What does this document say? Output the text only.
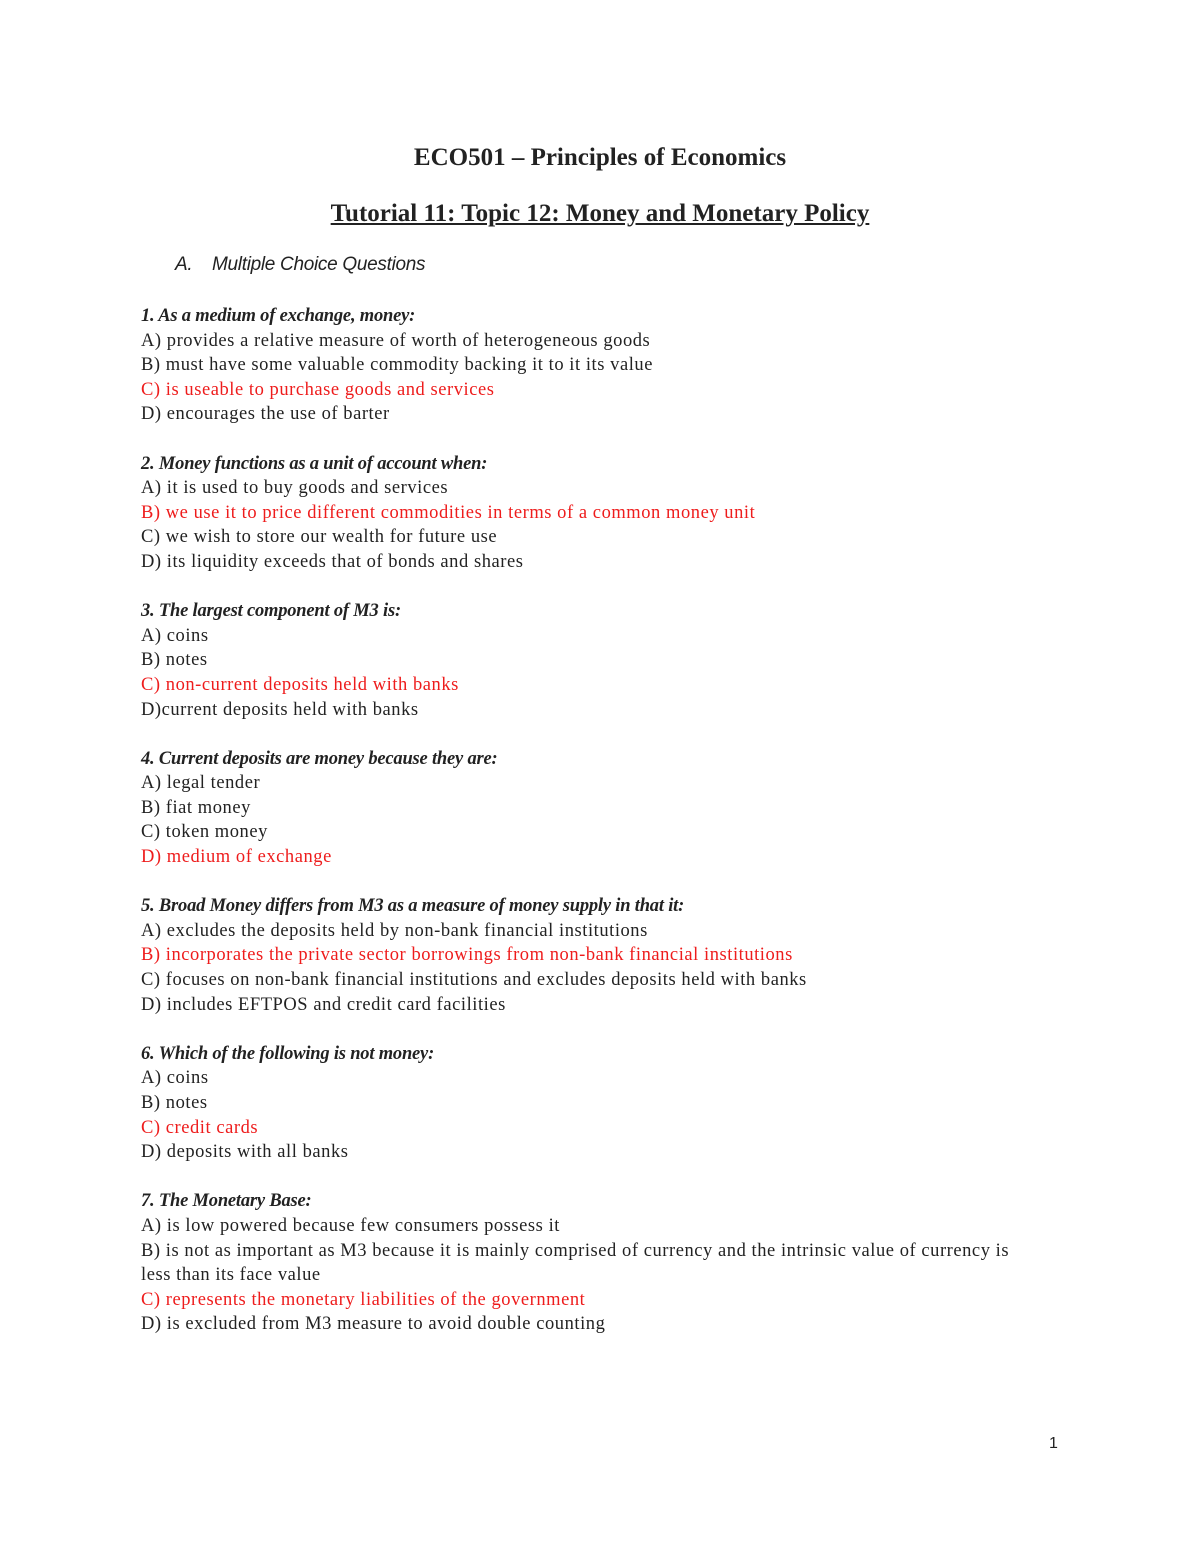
ECO501 – Principles of Economics
Tutorial 11: Topic 12: Money and Monetary Policy
A. Multiple Choice Questions
1. As a medium of exchange, money:
A) provides a relative measure of worth of heterogeneous goods
B) must have some valuable commodity backing it to it its value
C) is useable to purchase goods and services
D) encourages the use of barter
2. Money functions as a unit of account when:
A) it is used to buy goods and services
B) we use it to price different commodities in terms of a common money unit
C) we wish to store our wealth for future use
D) its liquidity exceeds that of bonds and shares
3. The largest component of M3 is:
A) coins
B) notes
C) non-current deposits held with banks
D)current deposits held with banks
4. Current deposits are money because they are:
A) legal tender
B) fiat money
C) token money
D) medium of exchange
5. Broad Money differs from M3 as a measure of money supply in that it:
A) excludes the deposits held by non-bank financial institutions
B) incorporates the private sector borrowings from non-bank financial institutions
C) focuses on non-bank financial institutions and excludes deposits held with banks
D) includes EFTPOS and credit card facilities
6. Which of the following is not money:
A) coins
B) notes
C) credit cards
D) deposits with all banks
7. The Monetary Base:
A) is low powered because few consumers possess it
B) is not as important as M3 because it is mainly comprised of currency and the intrinsic value of currency is less than its face value
C) represents the monetary liabilities of the government
D) is excluded from M3 measure to avoid double counting
1
